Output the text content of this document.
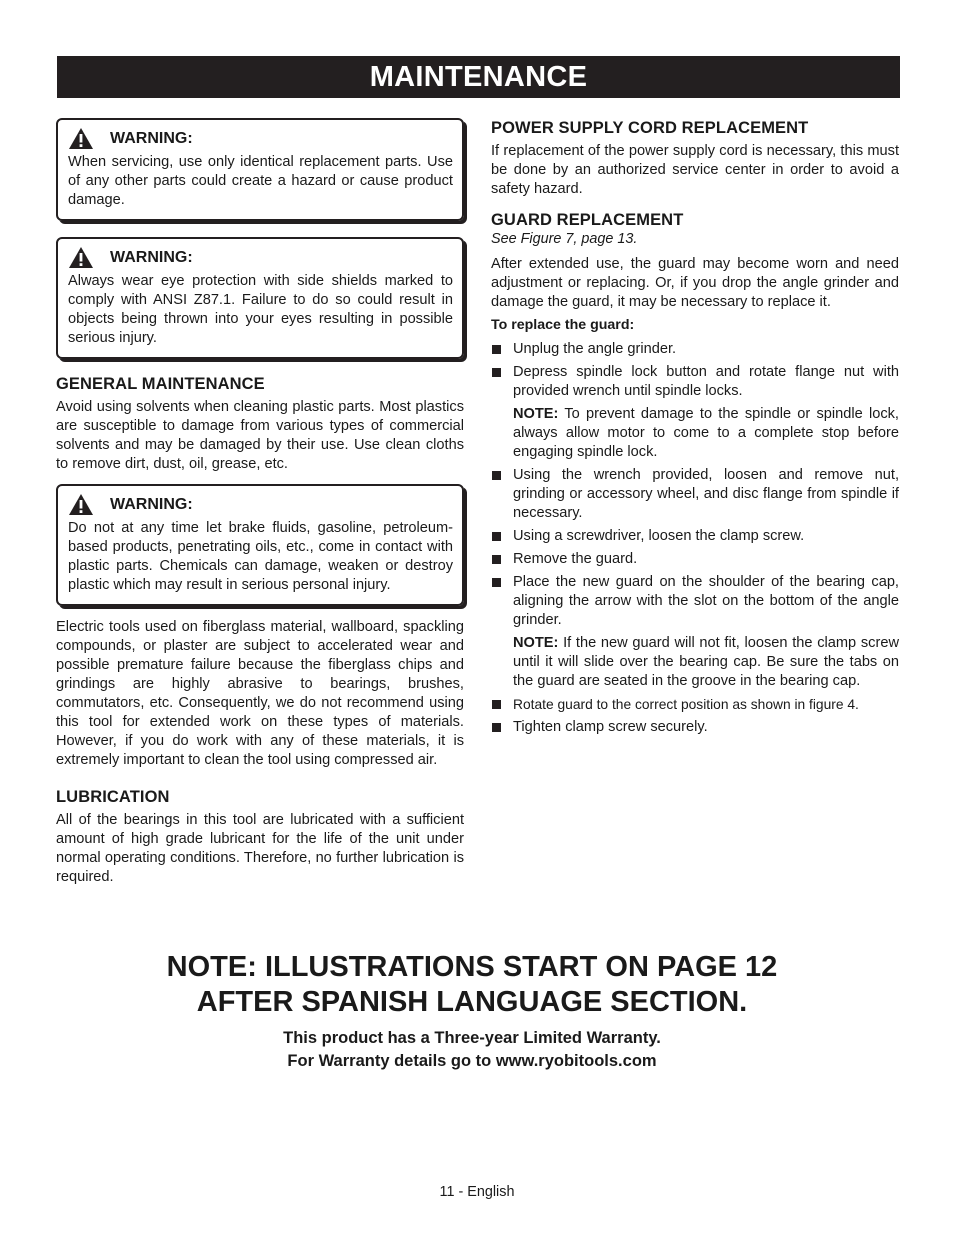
MAINTENANCE
WARNING:
When servicing, use only identical replacement parts. Use of any other parts could create a hazard or cause product damage.
WARNING:
Always wear eye protection with side shields marked to comply with ANSI Z87.1. Failure to do so could result in objects being thrown into your eyes resulting in possible serious injury.
GENERAL MAINTENANCE

Avoid using solvents when cleaning plastic parts. Most plastics are susceptible to damage from various types of commercial solvents and may be damaged by their use. Use clean cloths to remove dirt, dust, oil, grease, etc.

WARNING:
Do not at any time let brake fluids, gasoline, petroleum-based products, penetrating oils, etc., come in contact with plastic parts. Chemicals can damage, weaken or destroy plastic which may result in serious personal injury.

Electric tools used on fiberglass material, wallboard, spackling compounds, or plaster are subject to accelerated wear and possible premature failure because the fiberglass chips and grindings are highly abrasive to bearings, brushes, commutators, etc. Consequently, we do not recommend using this tool for extended work on these types of materials. However, if you do work with any of these materials, it is extremely important to clean the tool using compressed air.

LUBRICATION

All of the bearings in this tool are lubricated with a sufficient amount of high grade lubricant for the life of the unit under normal operating conditions. Therefore, no further lubrication is required.

POWER SUPPLY CORD REPLACEMENT

If replacement of the power supply cord is necessary, this must be done by an authorized service center in order to avoid a safety hazard.

GUARD REPLACEMENT
See Figure 7, page 13.

After extended use, the guard may become worn and need adjustment or replacing. Or, if you drop the angle grinder and damage the guard, it may be necessary to replace it.

To replace the guard:
Unplug the angle grinder.
Depress spindle lock button and rotate flange nut with provided wrench until spindle locks.
NOTE: To prevent damage to the spindle or spindle lock, always allow motor to come to a complete stop before engaging spindle lock.
Using the wrench provided, loosen and remove nut, grinding or accessory wheel, and disc flange from spindle if necessary.
Using a screwdriver, loosen the clamp screw.
Remove the guard.
Place the new guard on the shoulder of the bearing cap, aligning the arrow with the slot on the bottom of the angle grinder.
NOTE: If the new guard will not fit, loosen the clamp screw until it will slide over the bearing cap. Be sure the tabs on the guard are seated in the groove in the bearing cap.
Rotate guard to the correct position as shown in figure 4.
Tighten clamp screw securely.
NOTE: ILLUSTRATIONS START ON PAGE 12
AFTER SPANISH LANGUAGE SECTION.
This product has a Three-year Limited Warranty.
For Warranty details go to www.ryobitools.com
11 - English
